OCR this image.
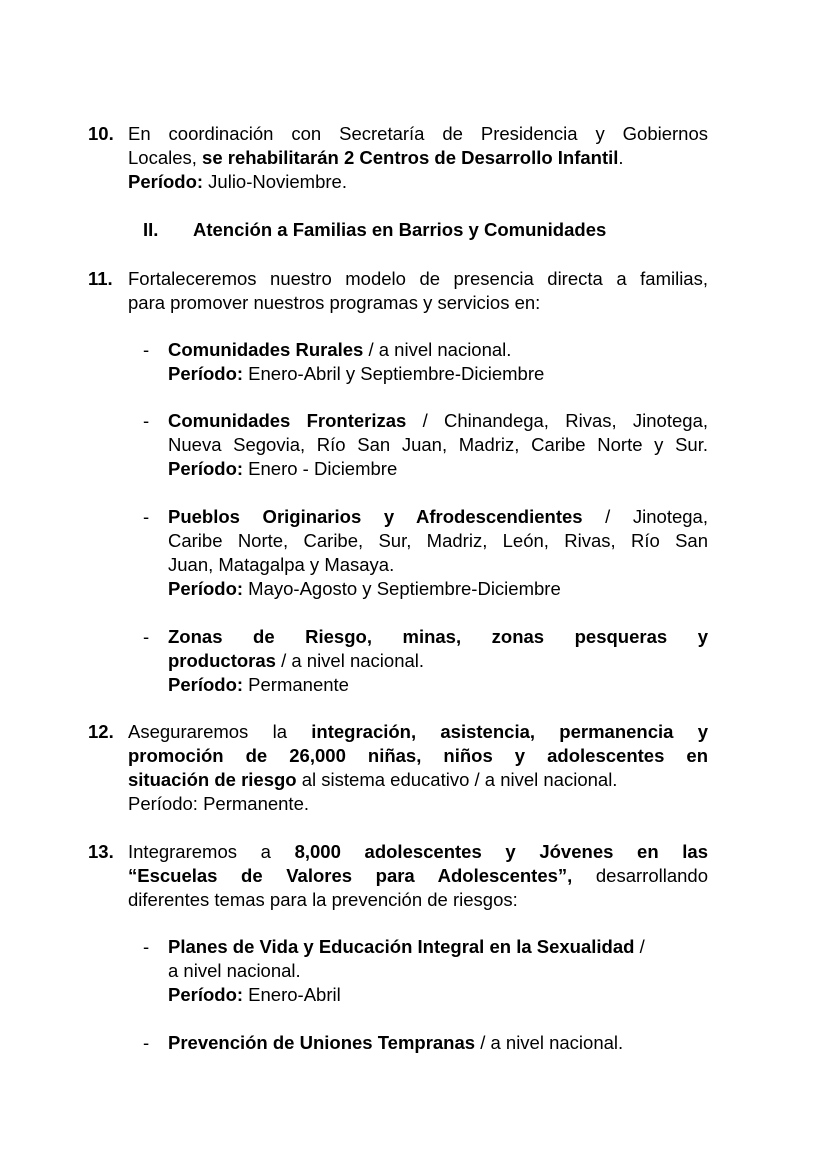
10. En coordinación con Secretaría de Presidencia y Gobiernos
Locales, se rehabilitarán 2 Centros de Desarrollo Infantil.
Período: Julio-Noviembre.
II. Atención a Familias en Barrios y Comunidades
11. Fortaleceremos nuestro modelo de presencia directa a familias,
para promover nuestros programas y servicios en:
- Comunidades Rurales / a nivel nacional.
Período: Enero-Abril y Septiembre-Diciembre
- Comunidades Fronterizas / Chinandega, Rivas, Jinotega,
Nueva Segovia, Río San Juan, Madriz, Caribe Norte y Sur.
Período: Enero - Diciembre
- Pueblos Originarios y Afrodescendientes / Jinotega,
Caribe Norte, Caribe, Sur, Madriz, León, Rivas, Río San
Juan, Matagalpa y Masaya.
Período: Mayo-Agosto y Septiembre-Diciembre
- Zonas de Riesgo, minas, zonas pesqueras y
productoras / a nivel nacional.
Período: Permanente
12. Aseguraremos la integración, asistencia, permanencia y
promoción de 26,000 niñas, niños y adolescentes en
situación de riesgo al sistema educativo / a nivel nacional.
Período: Permanente.
13. Integraremos a 8,000 adolescentes y Jóvenes en las
“Escuelas de Valores para Adolescentes”, desarrollando
diferentes temas para la prevención de riesgos:
- Planes de Vida y Educación Integral en la Sexualidad /
a nivel nacional.
Período: Enero-Abril
- Prevención de Uniones Tempranas / a nivel nacional.
